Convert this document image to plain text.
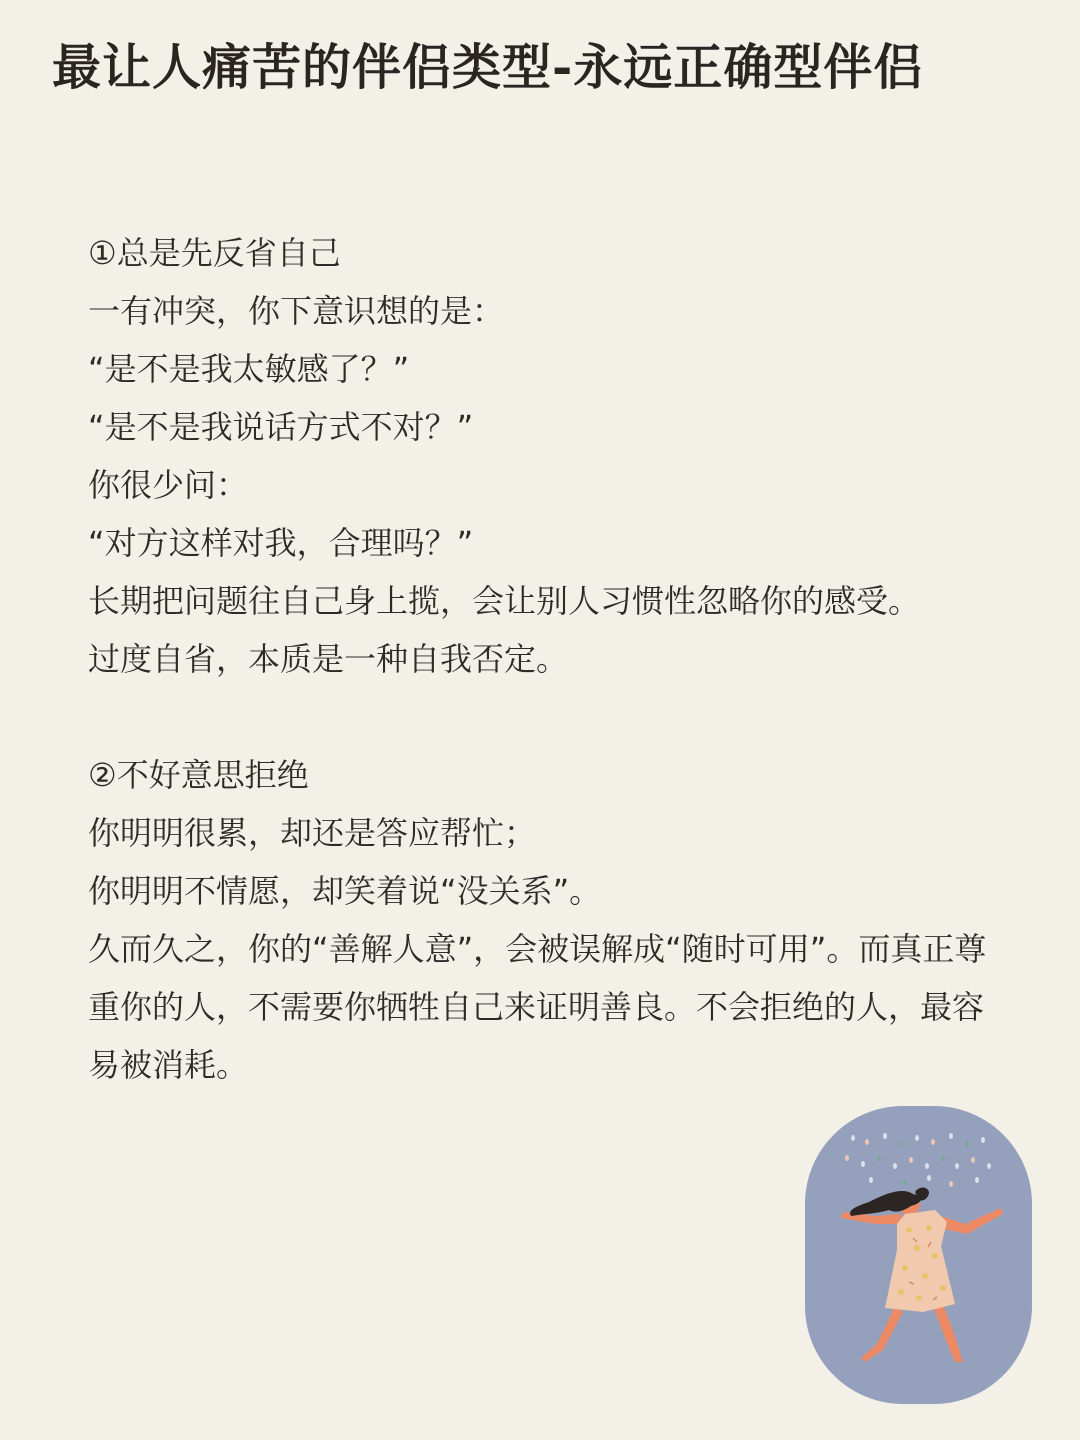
最让人痛苦的伴侣类型-永远正确型伴侣
①总是先反省自己
一有冲突，你下意识想的是：
“是不是我太敏感了？”
“是不是我说话方式不对？”
你很少问：
“对方这样对我，合理吗？”
长期把问题往自己身上揽，会让别人习惯性忽略你的感受。
过度自省，本质是一种自我否定。
②不好意思拒绝
你明明很累，却还是答应帮忙；
你明明不情愿，却笑着说“没关系”。
久而久之，你的“善解人意”，会被误解成“随时可用”。而真正尊重你的人，不需要你牺牲自己来证明善良。不会拒绝的人，最容易被消耗。
